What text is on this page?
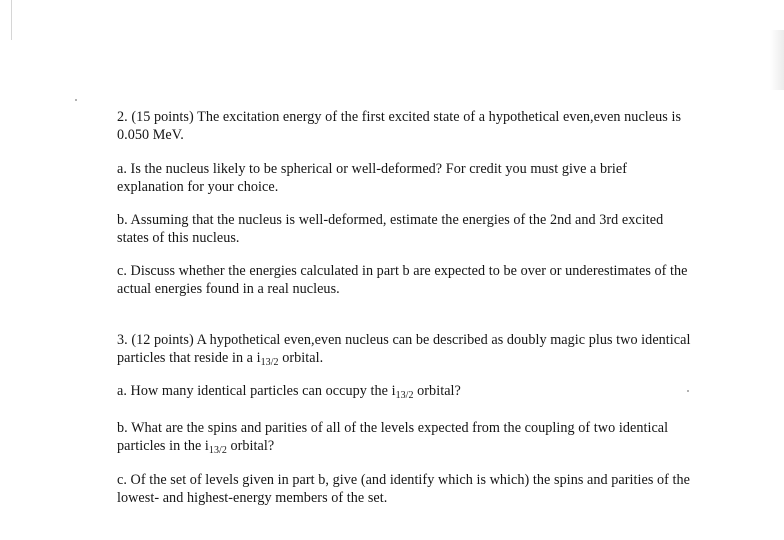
2. (15 points) The excitation energy of the first excited state of a hypothetical even,even nucleus is 0.050 MeV.

a. Is the nucleus likely to be spherical or well-deformed? For credit you must give a brief explanation for your choice.

b. Assuming that the nucleus is well-deformed, estimate the energies of the 2nd and 3rd excited states of this nucleus.

c. Discuss whether the energies calculated in part b are expected to be over or underestimates of the actual energies found in a real nucleus.

3. (12 points) A hypothetical even,even nucleus can be described as doubly magic plus two identical particles that reside in a $i_{13/2}$ orbital.

a. How many identical particles can occupy the $i_{13/2}$ orbital?

b. What are the spins and parities of all of the levels expected from the coupling of two identical particles in the $i_{13/2}$ orbital?

c. Of the set of levels given in part b, give (and identify which is which) the spins and parities of the lowest- and highest-energy members of the set.
